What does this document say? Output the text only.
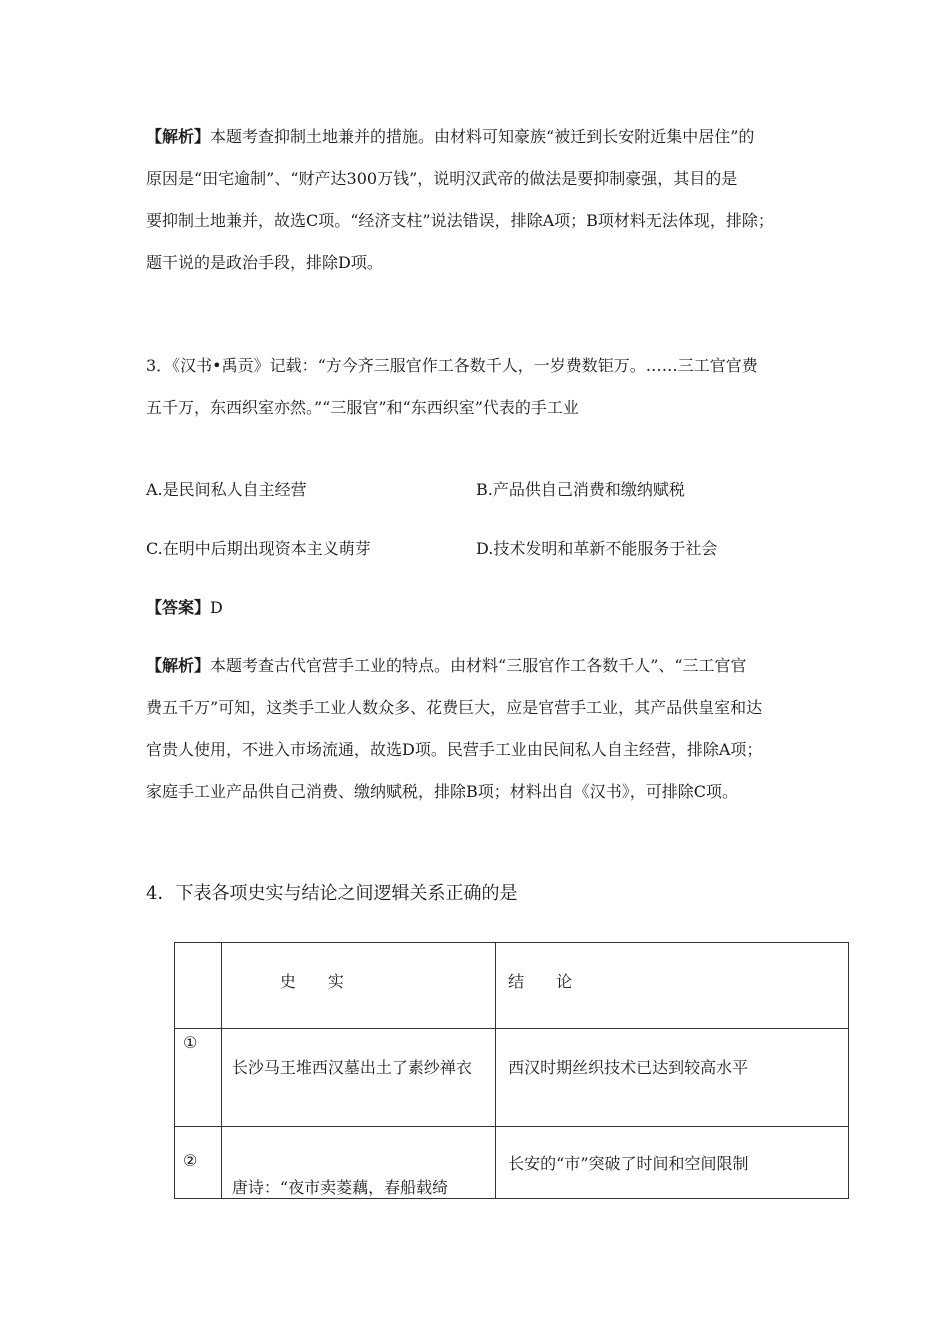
【解析】本题考查抑制土地兼并的措施。由材料可知豪族“被迁到长安附近集中居住”的
原因是“田宅逾制”、“财产达300万钱”，说明汉武帝的做法是要抑制豪强，其目的是
要抑制土地兼并，故选C项。“经济支柱”说法错误，排除A项；B项材料无法体现，排除；
题干说的是政治手段，排除D项。
3．《汉书•禹贡》记载：“方今齐三服官作工各数千人，一岁费数钜万。……三工官官费
五千万，东西织室亦然。”“三服官”和“东西织室”代表的手工业
A.是民间私人自主经营	B.产品供自己消费和缴纳赋税
C.在明中后期出现资本主义萌芽	D.技术发明和革新不能服务于社会
【答案】D
【解析】本题考查古代官营手工业的特点。由材料“三服官作工各数千人”、“三工官官
费五千万”可知，这类手工业人数众多、花费巨大，应是官营手工业，其产品供皇室和达
官贵人使用，不进入市场流通，故选D项。民营手工业由民间私人自主经营，排除A项；
家庭手工业产品供自己消费、缴纳赋税，排除B项；材料出自《汉书》，可排除C项。
4．下表各项史实与结论之间逻辑关系正确的是

	史　　实	结　　论

①	长沙马王堆西汉墓出土了素纱禅衣	西汉时期丝织技术已达到较高水平

②	唐诗：“夜市卖菱藕，春船载绮	长安的“市”突破了时间和空间限制
